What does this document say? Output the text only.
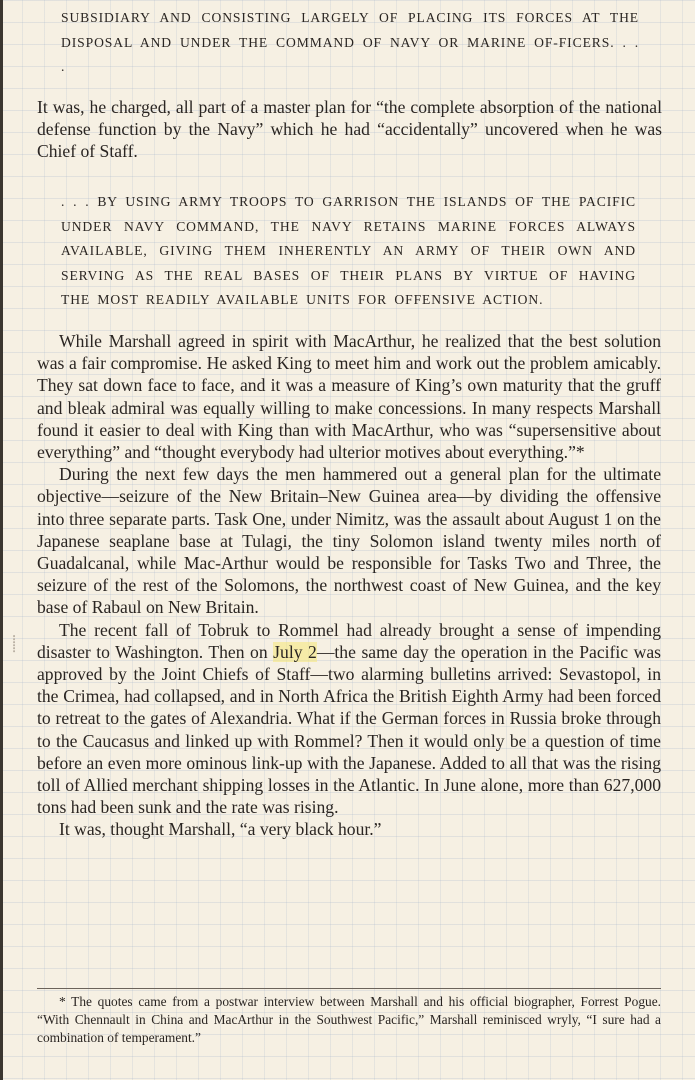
SUBSIDIARY AND CONSISTING LARGELY OF PLACING ITS FORCES AT THE DISPOSAL AND UNDER THE COMMAND OF NAVY OR MARINE OF-FICERS. . . .

It was, he charged, all part of a master plan for “the complete absorption of the national defense function by the Navy” which he had “accidentally” uncovered when he was Chief of Staff.

. . . BY USING ARMY TROOPS TO GARRISON THE ISLANDS OF THE PACIFIC UNDER NAVY COMMAND, THE NAVY RETAINS MARINE FORCES ALWAYS AVAILABLE, GIVING THEM INHERENTLY AN ARMY OF THEIR OWN AND SERVING AS THE REAL BASES OF THEIR PLANS BY VIRTUE OF HAVING THE MOST READILY AVAILABLE UNITS FOR OFFENSIVE ACTION.

While Marshall agreed in spirit with MacArthur, he realized that the best solution was a fair compromise. He asked King to meet him and work out the problem amicably. They sat down face to face, and it was a measure of King’s own maturity that the gruff and bleak admiral was equally willing to make concessions. In many respects Marshall found it easier to deal with King than with MacArthur, who was “supersensitive about everything” and “thought everybody had ulterior motives about everything.”*

During the next few days the men hammered out a general plan for the ultimate objective—seizure of the New Britain–New Guinea area—by dividing the offensive into three separate parts. Task One, under Nimitz, was the assault about August 1 on the Japanese seaplane base at Tulagi, the tiny Solomon island twenty miles north of Guadalcanal, while Mac-Arthur would be responsible for Tasks Two and Three, the seizure of the rest of the Solomons, the northwest coast of New Guinea, and the key base of Rabaul on New Britain.

The recent fall of Tobruk to Rommel had already brought a sense of impending disaster to Washington. Then on July 2—the same day the operation in the Pacific was approved by the Joint Chiefs of Staff—two alarming bulletins arrived: Sevastopol, in the Crimea, had collapsed, and in North Africa the British Eighth Army had been forced to retreat to the gates of Alexandria. What if the German forces in Russia broke through to the Caucasus and linked up with Rommel? Then it would only be a question of time before an even more ominous link-up with the Japanese. Added to all that was the rising toll of Allied merchant shipping losses in the Atlantic. In June alone, more than 627,000 tons had been sunk and the rate was rising.

It was, thought Marshall, “a very black hour.”

⸽

* The quotes came from a postwar interview between Marshall and his official biographer, Forrest Pogue. “With Chennault in China and MacArthur in the Southwest Pacific,” Marshall reminisced wryly, “I sure had a combination of temperament.”
